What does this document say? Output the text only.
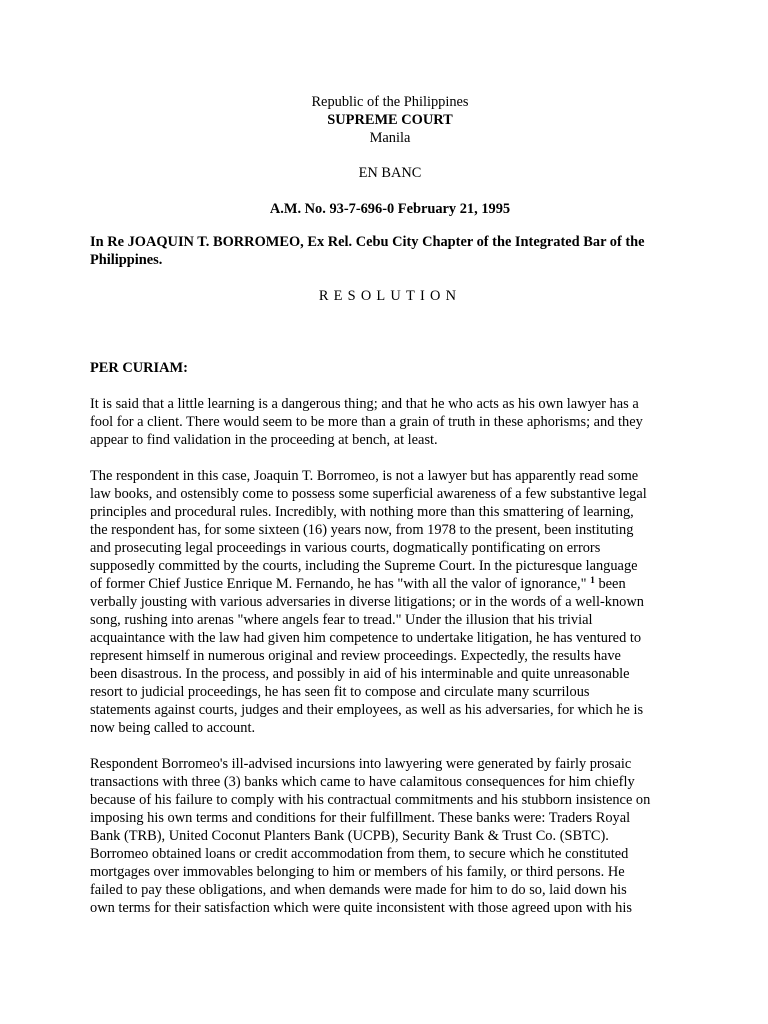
Republic of the Philippines
SUPREME COURT
Manila
EN BANC
A.M. No. 93-7-696-0 February 21, 1995
In Re JOAQUIN T. BORROMEO, Ex Rel. Cebu City Chapter of the Integrated Bar of the
Philippines.
RESOLUTION
PER CURIAM:

It is said that a little learning is a dangerous thing; and that he who acts as his own lawyer has a
fool for a client. There would seem to be more than a grain of truth in these aphorisms; and they
appear to find validation in the proceeding at bench, at least.

The respondent in this case, Joaquin T. Borromeo, is not a lawyer but has apparently read some
law books, and ostensibly come to possess some superficial awareness of a few substantive legal
principles and procedural rules. Incredibly, with nothing more than this smattering of learning,
the respondent has, for some sixteen (16) years now, from 1978 to the present, been instituting
and prosecuting legal proceedings in various courts, dogmatically pontificating on errors
supposedly committed by the courts, including the Supreme Court. In the picturesque language
of former Chief Justice Enrique M. Fernando, he has "with all the valor of ignorance," $^1$ been
verbally jousting with various adversaries in diverse litigations; or in the words of a well-known
song, rushing into arenas "where angels fear to tread." Under the illusion that his trivial
acquaintance with the law had given him competence to undertake litigation, he has ventured to
represent himself in numerous original and review proceedings. Expectedly, the results have
been disastrous. In the process, and possibly in aid of his interminable and quite unreasonable
resort to judicial proceedings, he has seen fit to compose and circulate many scurrilous
statements against courts, judges and their employees, as well as his adversaries, for which he is
now being called to account.

Respondent Borromeo's ill-advised incursions into lawyering were generated by fairly prosaic
transactions with three (3) banks which came to have calamitous consequences for him chiefly
because of his failure to comply with his contractual commitments and his stubborn insistence on
imposing his own terms and conditions for their fulfillment. These banks were: Traders Royal
Bank (TRB), United Coconut Planters Bank (UCPB), Security Bank & Trust Co. (SBTC).
Borromeo obtained loans or credit accommodation from them, to secure which he constituted
mortgages over immovables belonging to him or members of his family, or third persons. He
failed to pay these obligations, and when demands were made for him to do so, laid down his
own terms for their satisfaction which were quite inconsistent with those agreed upon with his
